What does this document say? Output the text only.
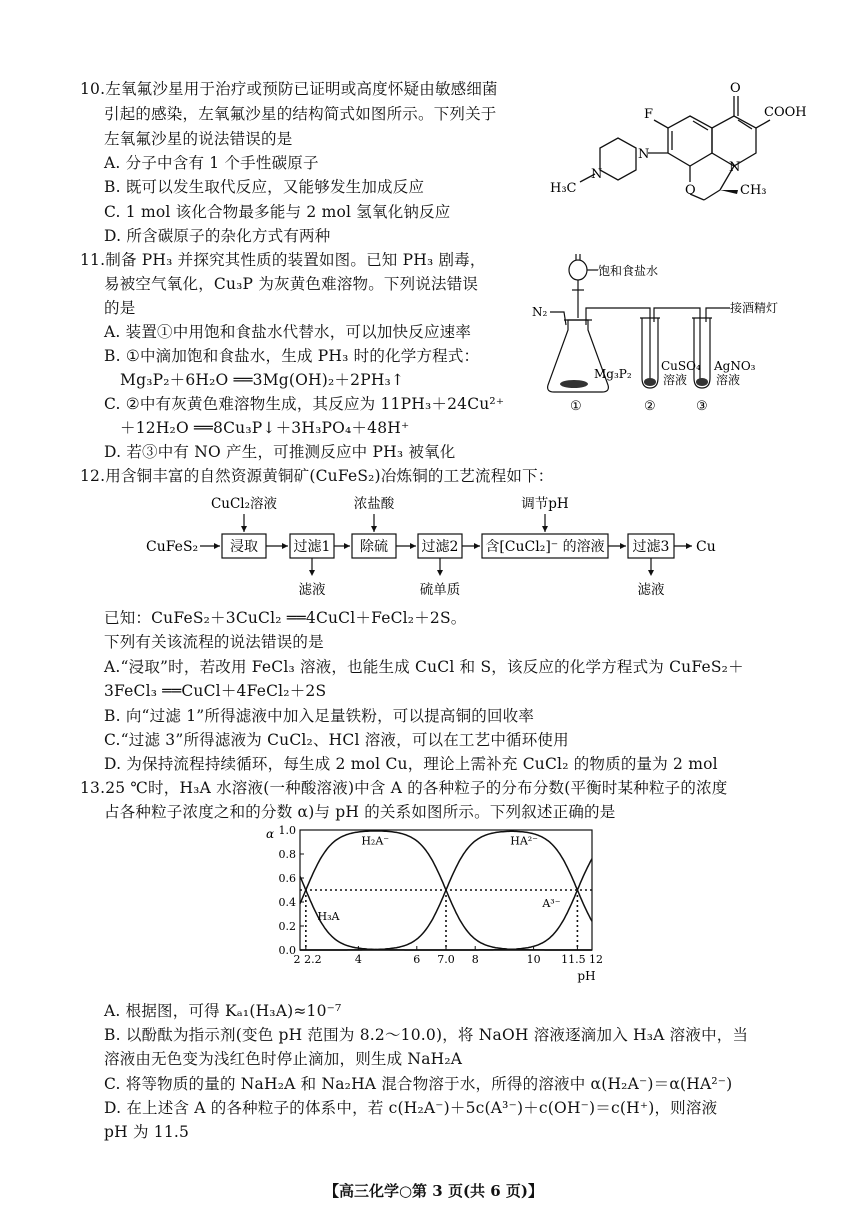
10.左氧氟沙星用于治疗或预防已证明或高度怀疑由敏感细菌
引起的感染，左氧氟沙星的结构简式如图所示。下列关于
左氧氟沙星的说法错误的是
A. 分子中含有 1 个手性碳原子
B. 既可以发生取代反应，又能够发生加成反应
C. 1 mol 该化合物最多能与 2 mol 氢氧化钠反应
D. 所含碳原子的杂化方式有两种
O
COOH
F
N
N	N
O
H₃C	CH₃
11.制备 PH₃ 并探究其性质的装置如图。已知 PH₃ 剧毒，
易被空气氧化，Cu₃P 为灰黄色难溶物。下列说法错误
的是
A. 装置①中用饱和食盐水代替水，可以加快反应速率
B. ①中滴加饱和食盐水，生成 PH₃ 时的化学方程式：
Mg₃P₂＋6H₂O ══3Mg(OH)₂＋2PH₃↑
C. ②中有灰黄色难溶物生成，其反应为 11PH₃＋24Cu²⁺
＋12H₂O ══8Cu₃P↓＋3H₃PO₄＋48H⁺
D. 若③中有 NO 产生，可推测反应中 PH₃ 被氧化
饱和食盐水
N₂	接酒精灯
Mg₃P₂
CuSO₄
溶液
AgNO₃
溶液
①	②	③
12.用含铜丰富的自然资源黄铜矿(CuFeS₂)冶炼铜的工艺流程如下：
CuFeS₂ 浸取	过滤1 除硫 过滤2 含[CuCl₂]⁻ 的溶液 过滤3 Cu
CuCl₂溶液	浓盐酸	调节pH
滤液	硫单质	滤液
已知：CuFeS₂＋3CuCl₂ ══4CuCl＋FeCl₂＋2S。
下列有关该流程的说法错误的是
A.“浸取”时，若改用 FeCl₃ 溶液，也能生成 CuCl 和 S，该反应的化学方程式为 CuFeS₂＋
3FeCl₃ ══CuCl＋4FeCl₂＋2S
B. 向“过滤 1”所得滤液中加入足量铁粉，可以提高铜的回收率
C.“过滤 3”所得滤液为 CuCl₂、HCl 溶液，可以在工艺中循环使用
D. 为保持流程持续循环，每生成 2 mol Cu，理论上需补充 CuCl₂ 的物质的量为 2 mol
13.25 ℃时，H₃A 水溶液(一种酸溶液)中含 A 的各种粒子的分布分数(平衡时某种粒子的浓度
占各种粒子浓度之和的分数 α)与 pH 的关系如图所示。下列叙述正确的是
0.0
0.2
0.4
0.6
0.8
1.0
α
2 2.2	4	6 7.0 8	10 11.5 12
pH
H₃A
H₂A⁻	HA²⁻
A³⁻
A. 根据图，可得 Kₐ₁(H₃A)≈10⁻⁷
B. 以酚酞为指示剂(变色 pH 范围为 8.2～10.0)，将 NaOH 溶液逐滴加入 H₃A 溶液中，当
溶液由无色变为浅红色时停止滴加，则生成 NaH₂A
C. 将等物质的量的 NaH₂A 和 Na₂HA 混合物溶于水，所得的溶液中 α(H₂A⁻)＝α(HA²⁻)
D. 在上述含 A 的各种粒子的体系中，若 c(H₂A⁻)＋5c(A³⁻)＋c(OH⁻)＝c(H⁺)，则溶液
pH 为 11.5
【高三化学○第 3 页(共 6 页)】
